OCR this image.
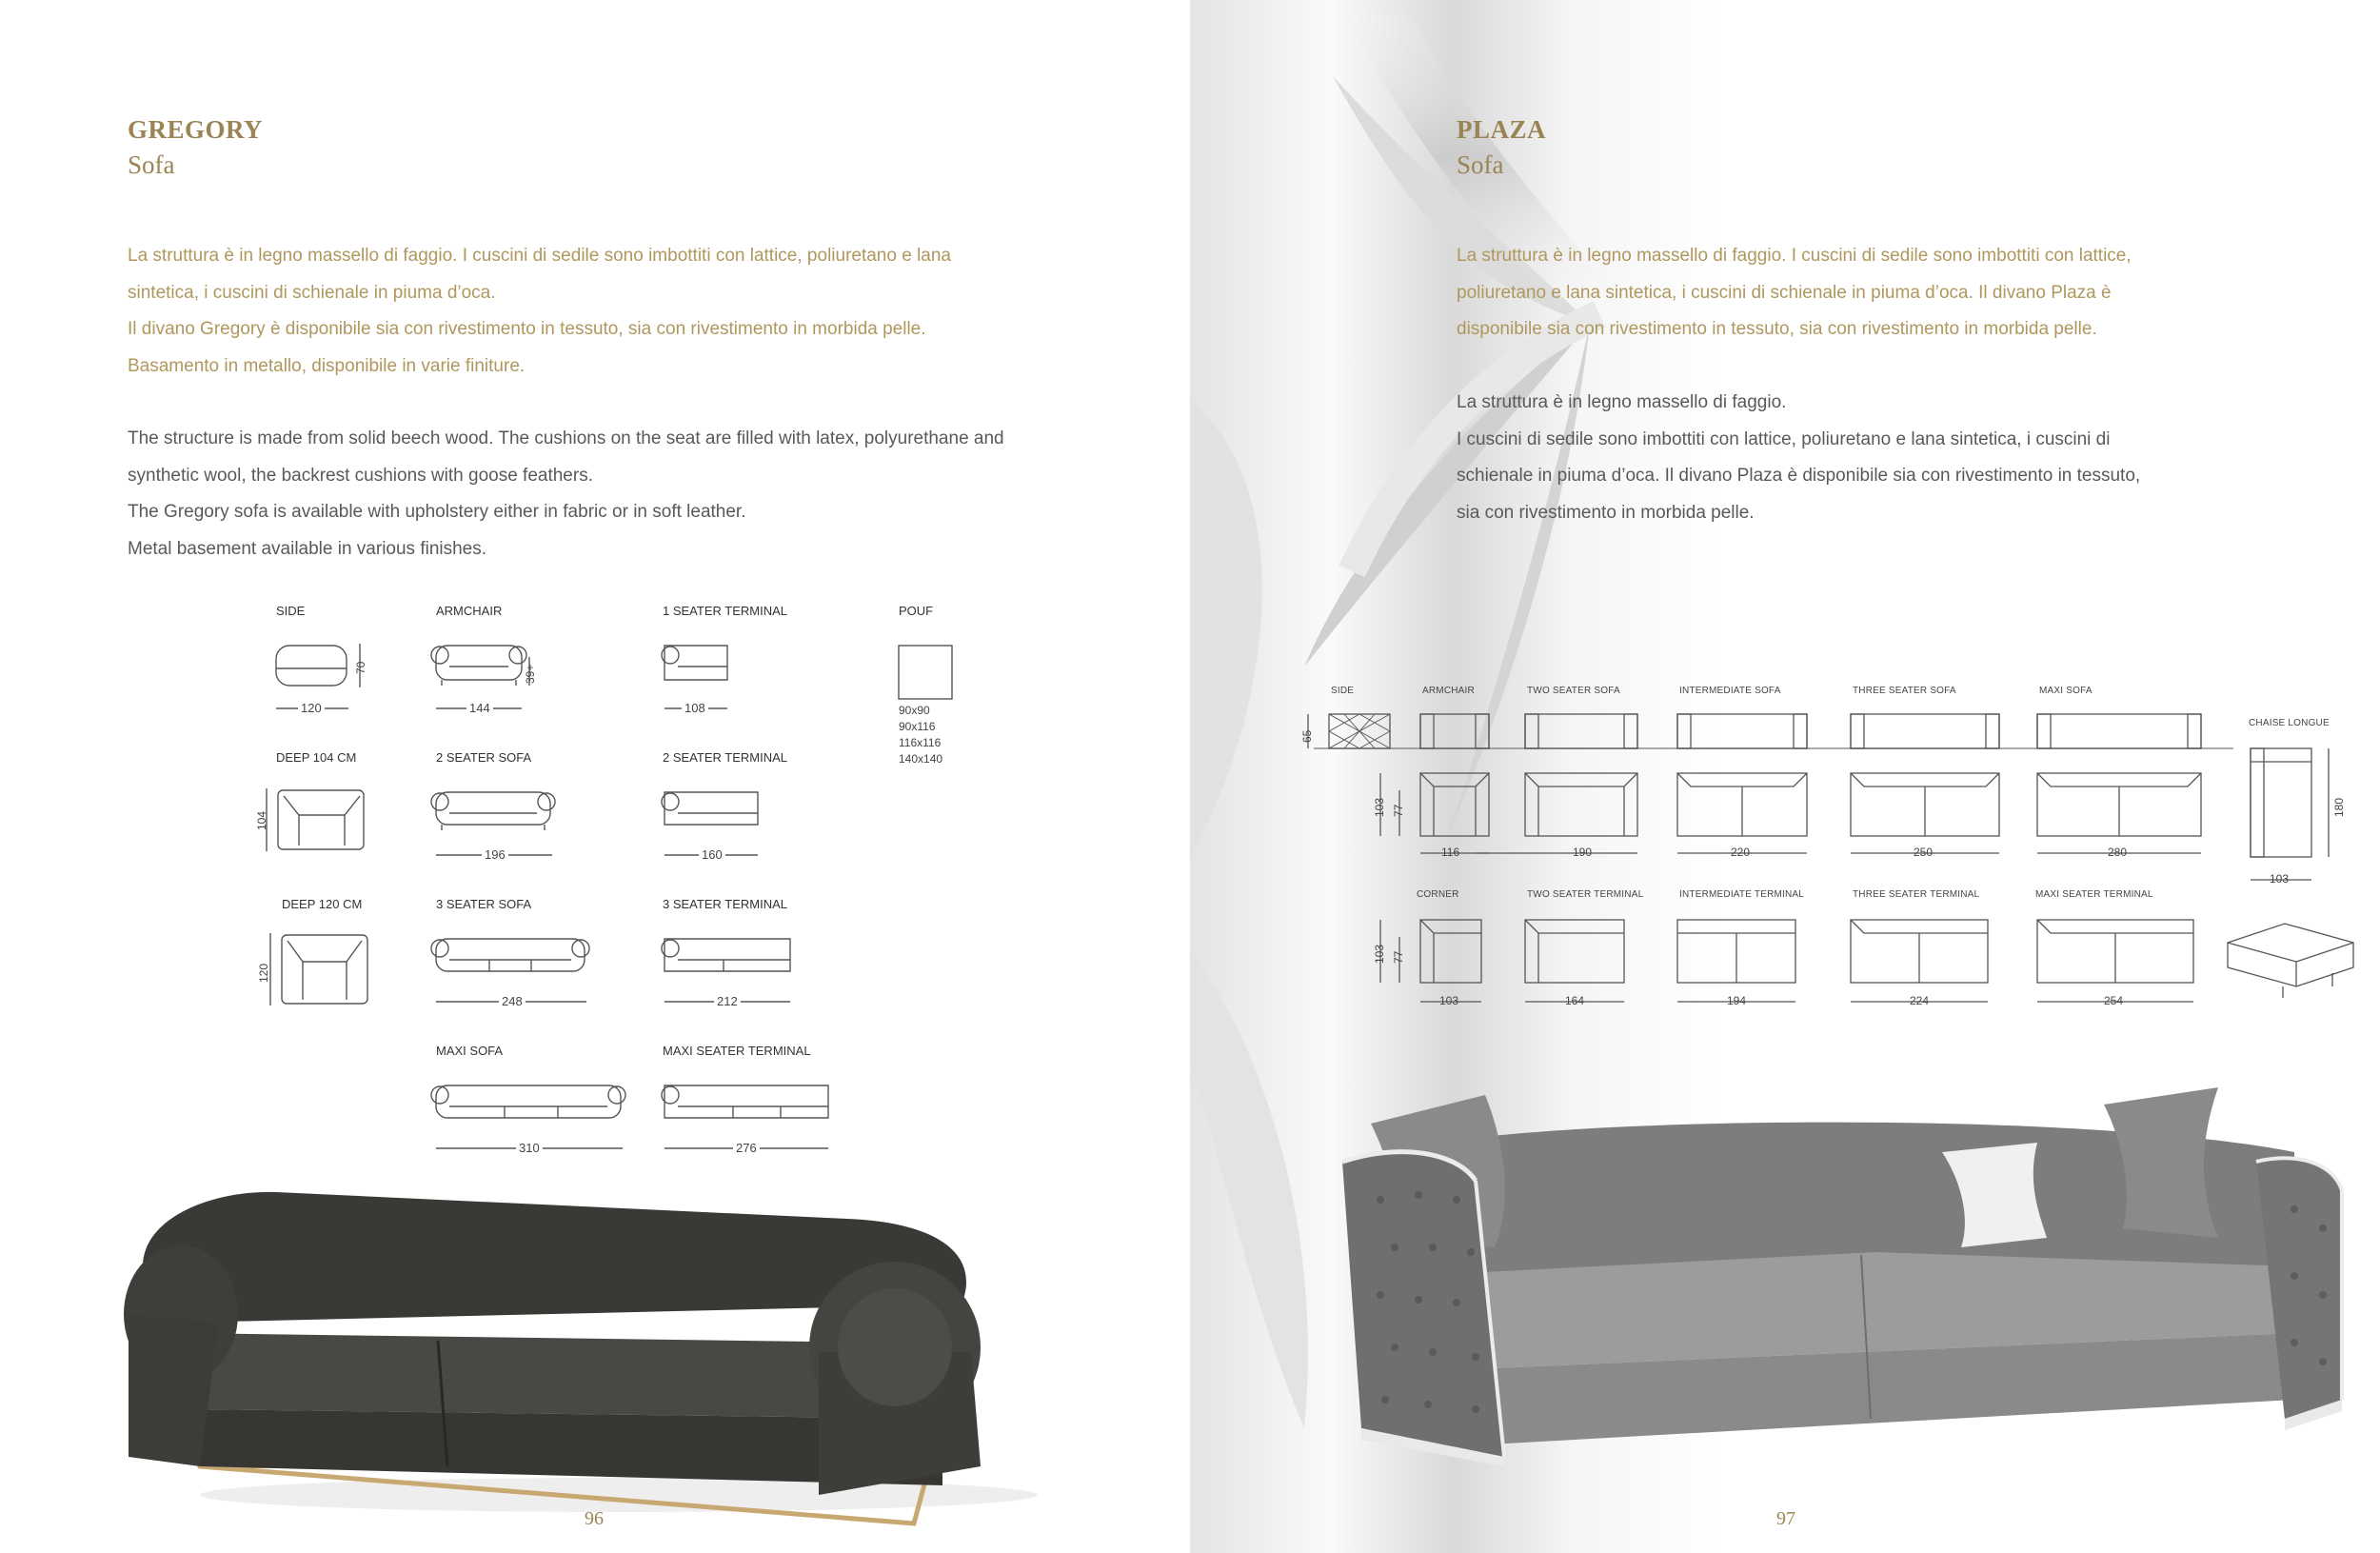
GREGORY
Sofa
La struttura è in legno massello di faggio. I cuscini di sedile sono imbottiti con lattice, poliuretano e lana
sintetica, i cuscini di schienale in piuma d’oca.
Il divano Gregory è disponibile sia con rivestimento in tessuto, sia con rivestimento in morbida pelle.
Basamento in metallo, disponibile in varie finiture.
The structure is made from solid beech wood. The cushions on the seat are filled with latex, polyurethane and
synthetic wool, the backrest cushions with goose feathers.
The Gregory sofa is available with upholstery either in fabric or in soft leather.
Metal basement available in various finishes.
SIDE
120
70
ARMCHAIR
144
39+
1 SEATER TERMINAL
108
POUF
90x90
90x116
116x116
140x140
DEEP 104 CM
104
2 SEATER SOFA
196
2 SEATER TERMINAL
160
DEEP 120 CM
120
3 SEATER SOFA
248
3 SEATER TERMINAL
212
MAXI SOFA
310
MAXI SEATER TERMINAL
276
96
PLAZA
Sofa
La struttura è in legno massello di faggio. I cuscini di sedile sono imbottiti con lattice,
poliuretano e lana sintetica, i cuscini di schienale in piuma d’oca. Il divano Plaza è
disponibile sia con rivestimento in tessuto, sia con rivestimento in morbida pelle.
La struttura è in legno massello di faggio.
I cuscini di sedile sono imbottiti con lattice, poliuretano e lana sintetica, i cuscini di
schienale in piuma d’oca. Il divano Plaza è disponibile sia con rivestimento in tessuto,
sia con rivestimento in morbida pelle.
SIDE	ARMCHAIR	TWO SEATER SOFA	INTERMEDIATE SOFA	THREE SEATER SOFA	MAXI SOFA
65
103 77
116	190	220	250	280
CHAISE LONGUE
180
103
CORNER	TWO SEATER TERMINAL	INTERMEDIATE TERMINAL	THREE SEATER TERMINAL	MAXI SEATER TERMINAL
103 77
103	164	194	224	254
97
